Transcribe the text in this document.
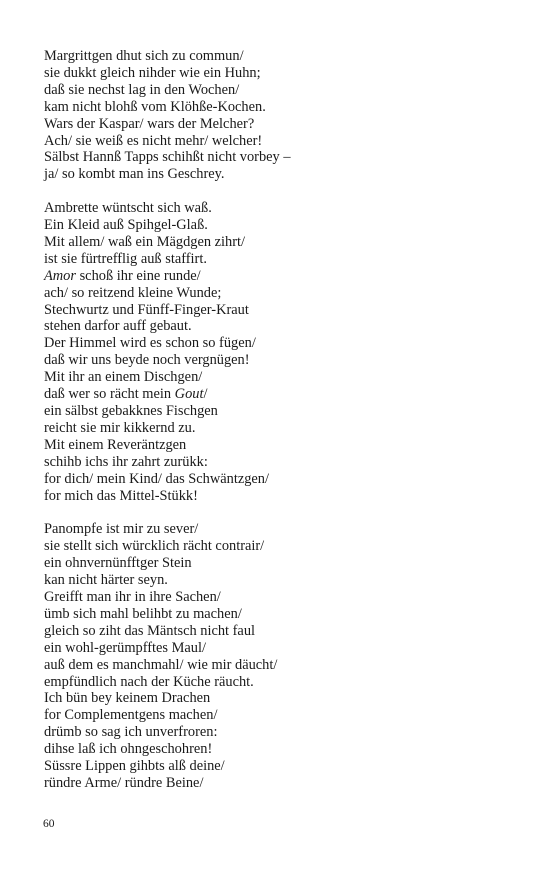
Margrittgen dhut sich zu commun/
sie dukkt gleich nihder wie ein Huhn;
daß sie nechst lag in den Wochen/
kam nicht blohß vom Klöhße-Kochen.
Wars der Kaspar/ wars der Melcher?
Ach/ sie weiß es nicht mehr/ welcher!
Sälbst Hannß Tapps schihßt nicht vorbey –
ja/ so kombt man ins Geschrey.
Ambrette wüntscht sich waß.
Ein Kleid auß Spihgel-Glaß.
Mit allem/ waß ein Mägdgen zihrt/
ist sie fürtrefflig auß staffirt.
Amor schoß ihr eine runde/
ach/ so reitzend kleine Wunde;
Stechwurtz und Fünff-Finger-Kraut
stehen darfor auff gebaut.
Der Himmel wird es schon so fügen/
daß wir uns beyde noch vergnügen!
Mit ihr an einem Dischgen/
daß wer so rächt mein Gout/
ein sälbst gebakknes Fischgen
reicht sie mir kikkernd zu.
Mit einem Reveräntzgen
schihb ichs ihr zahrt zurükk:
for dich/ mein Kind/ das Schwäntzgen/
for mich das Mittel-Stükk!
Panompfe ist mir zu sever/
sie stellt sich würcklich rächt contrair/
ein ohnvernünfftger Stein
kan nicht härter seyn.
Greifft man ihr in ihre Sachen/
ümb sich mahl belihbt zu machen/
gleich so ziht das Mäntsch nicht faul
ein wohl-gerümpfftes Maul/
auß dem es manchmahl/ wie mir däucht/
empfündlich nach der Küche räucht.
Ich bün bey keinem Drachen
for Complementgens machen/
drümb so sag ich unverfroren:
dihse laß ich ohngeschohren!
Süssre Lippen gihbts alß deine/
ründre Arme/ ründre Beine/
60
